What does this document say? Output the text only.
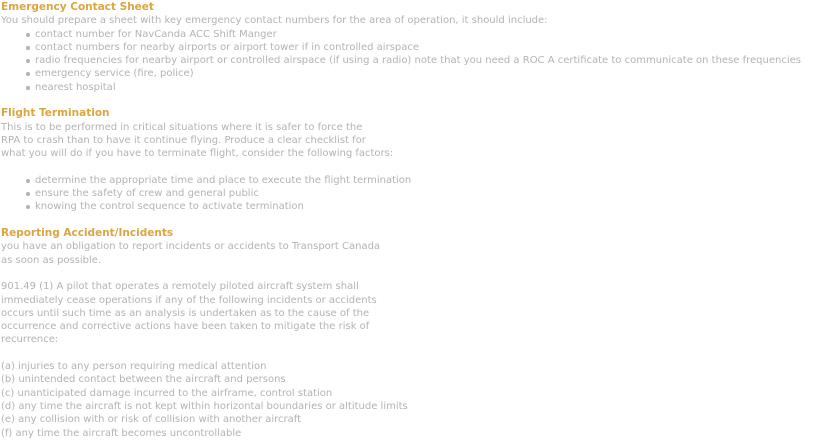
Emergency Contact Sheet

You should prepare a sheet with key emergency contact numbers for the area of operation, it should include:

contact number for NavCanda ACC Shift Manger
contact numbers for nearby airports or airport tower if in controlled airspace
radio frequencies for nearby airport or controlled airspace (if using a radio) note that you need a ROC A certificate to communicate on these frequencies
emergency service (fire, police)
nearest hospital
Flight Termination

This is to be performed in critical situations where it is safer to force the
RPA to crash than to have it continue flying. Produce a clear checklist for
what you will do if you have to terminate flight, consider the following factors:

determine the appropriate time and place to execute the flight termination
ensure the safety of crew and general public
knowing the control sequence to activate termination
Reporting Accident/Incidents

you have an obligation to report incidents or accidents to Transport Canada
as soon as possible.

901.49 (1) A pilot that operates a remotely piloted aircraft system shall
immediately cease operations if any of the following incidents or accidents
occurs until such time as an analysis is undertaken as to the cause of the
occurrence and corrective actions have been taken to mitigate the risk of
recurrence:

(a) injuries to any person requiring medical attention
(b) unintended contact between the aircraft and persons
(c) unanticipated damage incurred to the airframe, control station
(d) any time the aircraft is not kept within horizontal boundaries or altitude limits
(e) any collision with or risk of collision with another aircraft
(f) any time the aircraft becomes uncontrollable
